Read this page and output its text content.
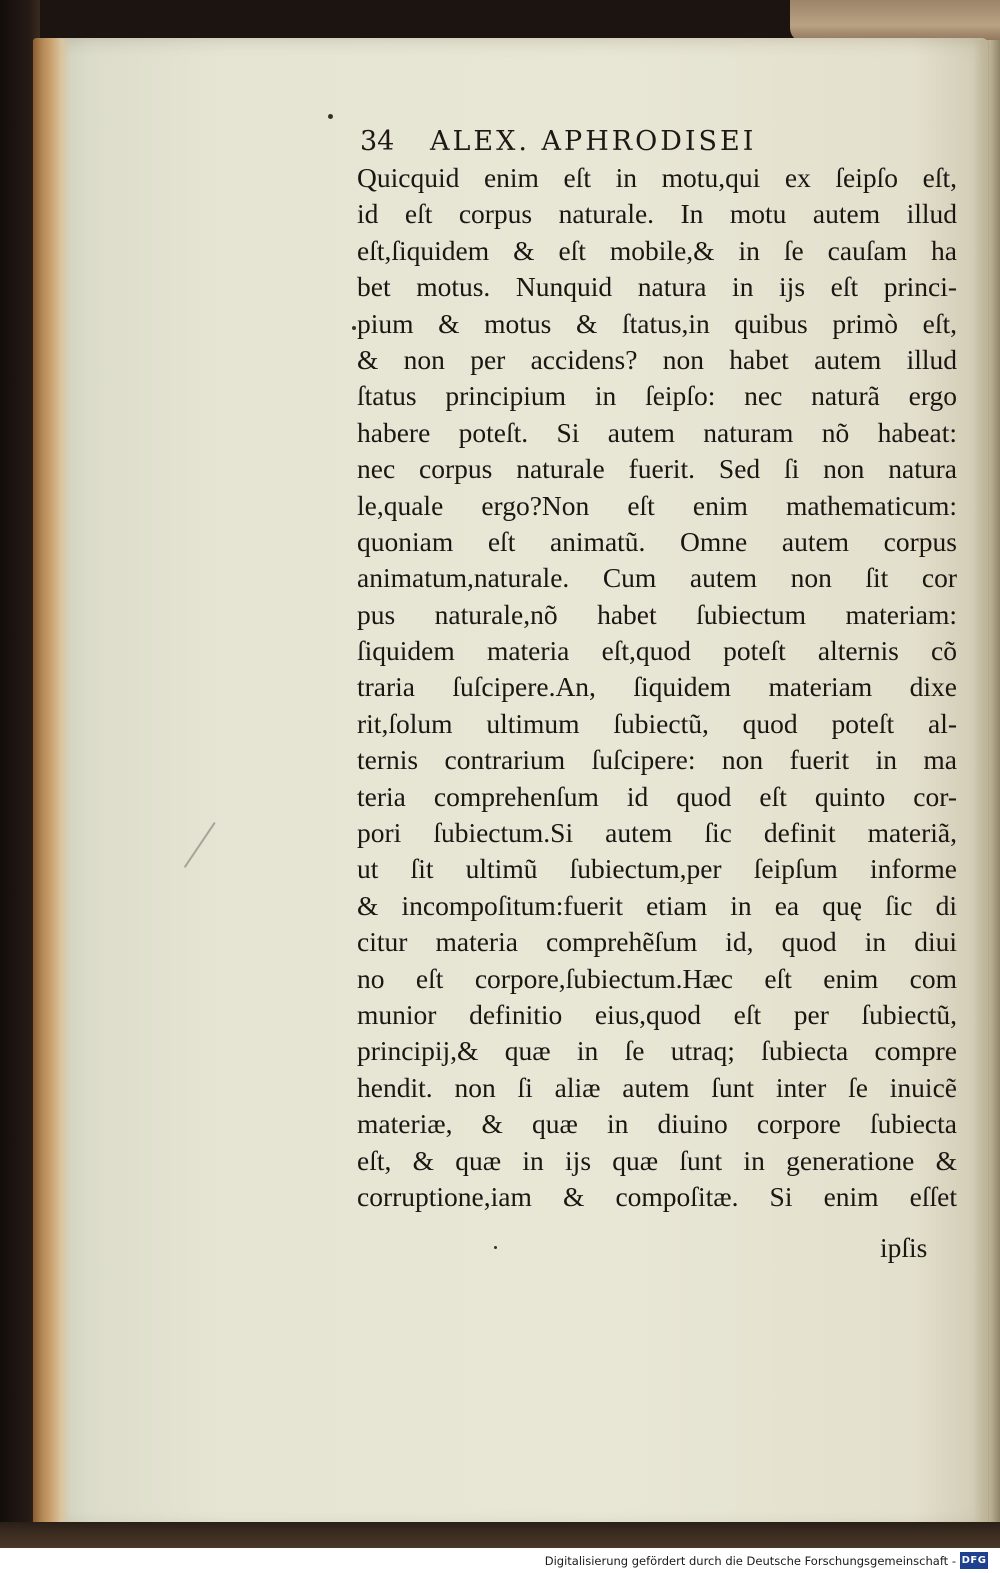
34 ALEX. APHRODISEI
Quicquid enim eſt in motu,qui ex ſeipſo eſt,
id eſt corpus naturale. In motu autem illud
eſt,ſiquidem & eſt mobile,& in ſe cauſam ha
bet motus. Nunquid natura in ijs eſt princi-
pium & motus & ſtatus,in quibus primò eſt,
& non per accidens? non habet autem illud
ſtatus principium in ſeipſo: nec naturã ergo
habere poteſt. Si autem naturam nõ habeat:
nec corpus naturale fuerit. Sed ſi non natura
le,quale ergo?Non eſt enim mathematicum:
quoniam eſt animatũ. Omne autem corpus
animatum,naturale. Cum autem non ſit cor
pus naturale,nõ habet ſubiectum materiam:
ſiquidem materia eſt,quod poteſt alternis cõ
traria ſuſcipere.An, ſiquidem materiam dixe
rit,ſolum ultimum ſubiectũ, quod poteſt al-
ternis contrarium ſuſcipere: non fuerit in ma
teria comprehenſum id quod eſt quinto cor-
pori ſubiectum.Si autem ſic definit materiã,
ut ſit ultimũ ſubiectum,per ſeipſum informe
& incompoſitum:fuerit etiam in ea quę ſic di
citur materia comprehẽſum id, quod in diui
no eſt corpore,ſubiectum.Hæc eſt enim com
munior definitio eius,quod eſt per ſubiectũ,
principij,& quæ in ſe utraq; ſubiecta compre
hendit. non ſi aliæ autem ſunt inter ſe inuicẽ
materiæ, & quæ in diuino corpore ſubiecta
eſt, & quæ in ijs quæ ſunt in generatione &
corruptione,iam & compoſitæ. Si enim eſſet
ipſis
Digitalisierung gefördert durch die Deutsche Forschungsgemeinschaft - DFG
